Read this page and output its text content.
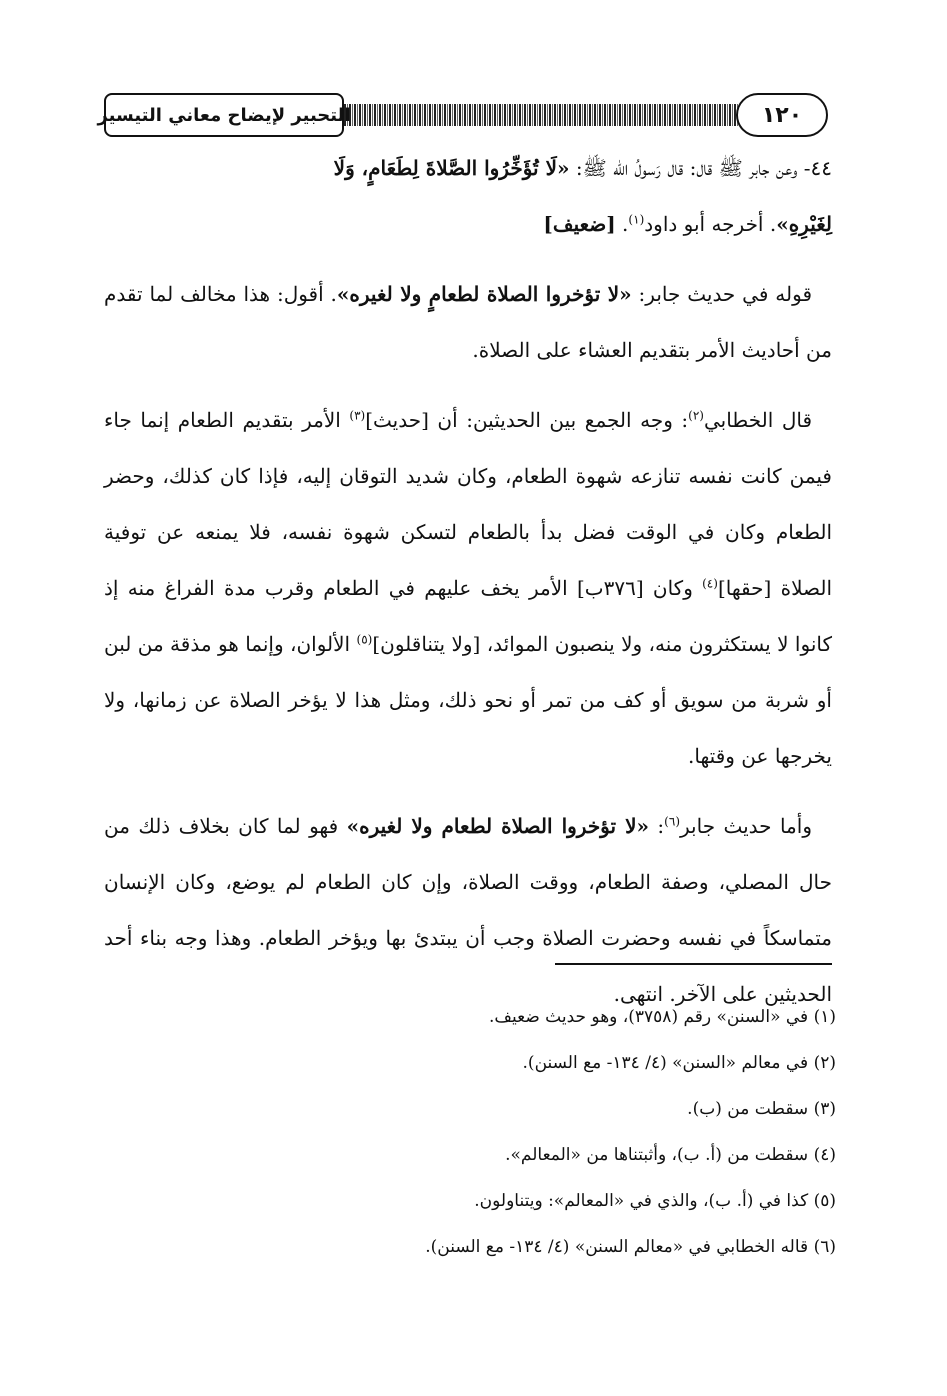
١٢٠
التحبير لإيضاح معاني التيسير

٤٤- وعن جابر ﷺ قال: قال رَسولُ الله ﷺ: «لَا تُؤَخِّرُوا الصَّلاةَ لِطَعَامٍ، وَلَا
لِغَيْرِهِ». أخرجه أبو داود$^{(١)}$. [ضعيف]

قوله في حديث جابر: «لا تؤخروا الصلاة لطعامٍ ولا لغيره». أقول: هذا مخالف لما تقدم من أحاديث الأمر بتقديم العشاء على الصلاة.

قال الخطابي$^{(٢)}$: وجه الجمع بين الحديثين: أن [حديث]$^{(٣)}$ الأمر بتقديم الطعام إنما جاء فيمن كانت نفسه تنازعه شهوة الطعام، وكان شديد التوقان إليه، فإذا كان كذلك، وحضر الطعام وكان في الوقت فضل بدأ بالطعام لتسكن شهوة نفسه، فلا يمنعه عن توفية الصلاة [حقها]$^{(٤)}$ وكان [٣٧٦ب] الأمر يخف عليهم في الطعام وقرب مدة الفراغ منه إذ كانوا لا يستكثرون منه، ولا ينصبون الموائد، [ولا يتناقلون]$^{(٥)}$ الألوان، وإنما هو مذقة من لبن أو شربة من سويق أو كف من تمر أو نحو ذلك، ومثل هذا لا يؤخر الصلاة عن زمانها، ولا يخرجها عن وقتها.

وأما حديث جابر$^{(٦)}$: «لا تؤخروا الصلاة لطعام ولا لغيره» فهو لما كان بخلاف ذلك من حال المصلي، وصفة الطعام، ووقت الصلاة، وإن كان الطعام لم يوضع، وكان الإنسان متماسكاً في نفسه وحضرت الصلاة وجب أن يبتدئ بها ويؤخر الطعام. وهذا وجه بناء أحد الحديثين على الآخر. انتهى.

(١) في «السنن» رقم (٣٧٥٨)، وهو حديث ضعيف.
(٢) في معالم «السنن» (٤/ ١٣٤- مع السنن).
(٣) سقطت من (ب).
(٤) سقطت من (أ. ب)، وأثبتناها من «المعالم».
(٥) كذا في (أ. ب)، والذي في «المعالم»: ويتناولون.
(٦) قاله الخطابي في «معالم السنن» (٤/ ١٣٤- مع السنن).
